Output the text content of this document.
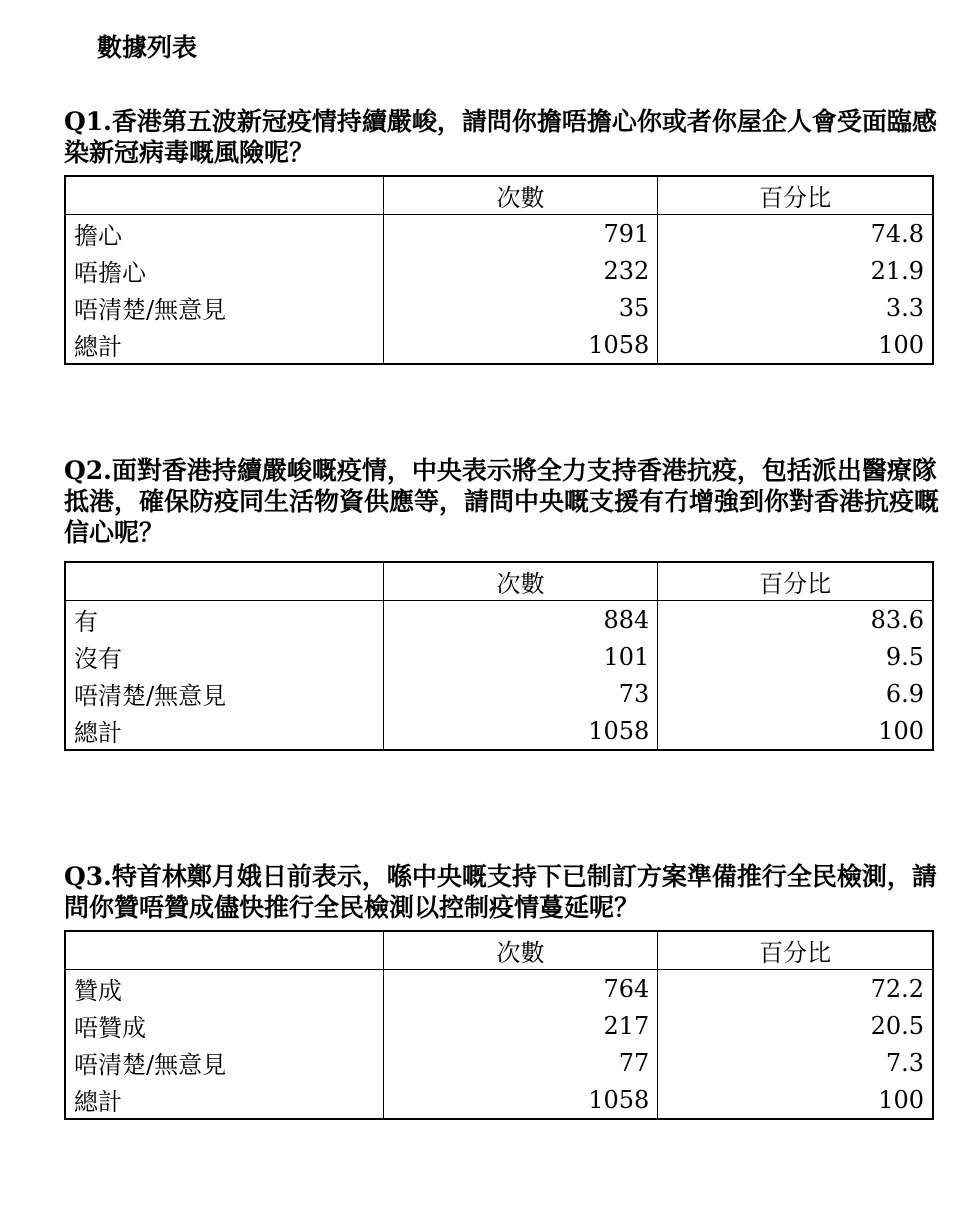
數據列表
Q1.香港第五波新冠疫情持續嚴峻，請問你擔唔擔心你或者你屋企人會受面臨感染新冠病毒嘅風險呢？
	次數	百分比
擔心	791	74.8
唔擔心	232	21.9
唔清楚/無意見	35	3.3
總計	1058	100
Q2.面對香港持續嚴峻嘅疫情，中央表示將全力支持香港抗疫，包括派出醫療隊抵港，確保防疫同生活物資供應等，請問中央嘅支援有冇增強到你對香港抗疫嘅信心呢？
	次數	百分比
有	884	83.6
沒有	101	9.5
唔清楚/無意見	73	6.9
總計	1058	100
Q3.特首林鄭月娥日前表示，喺中央嘅支持下已制訂方案準備推行全民檢測，請問你贊唔贊成儘快推行全民檢測以控制疫情蔓延呢？
	次數	百分比
贊成	764	72.2
唔贊成	217	20.5
唔清楚/無意見	77	7.3
總計	1058	100
